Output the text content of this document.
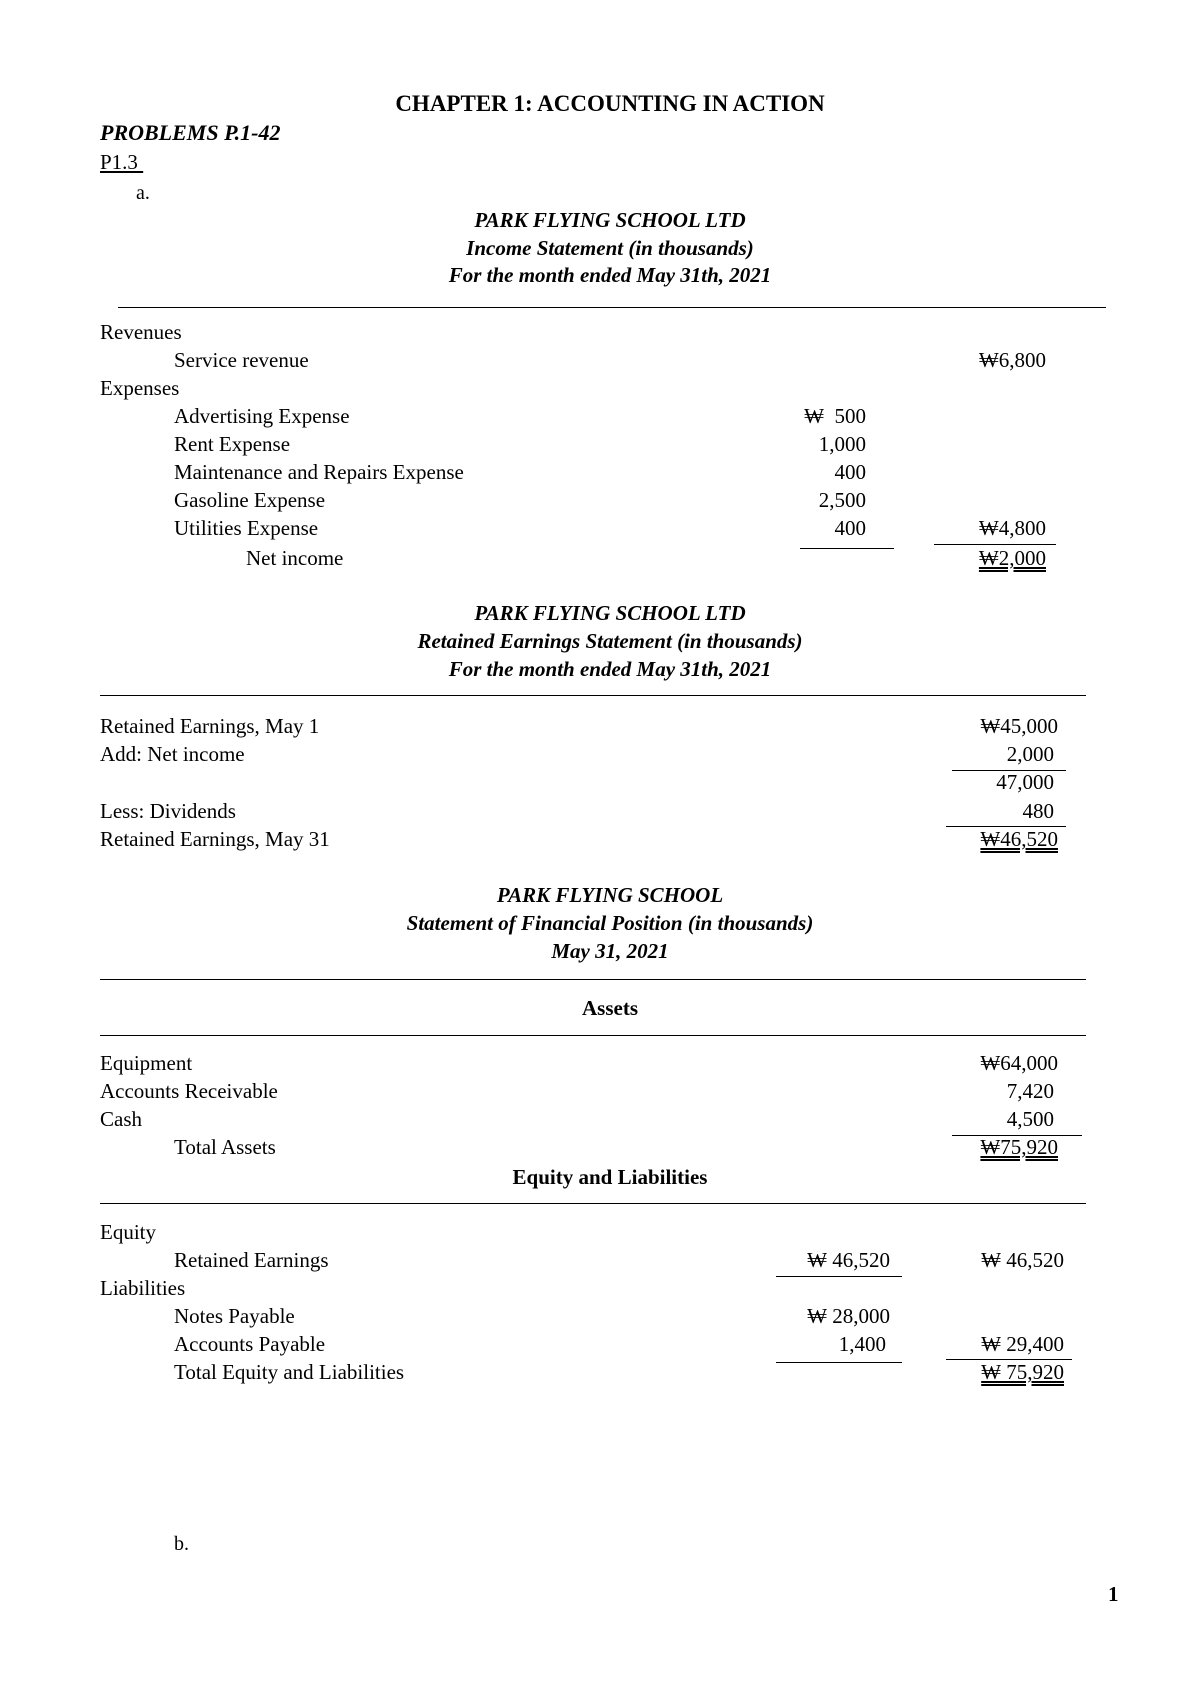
CHAPTER 1: ACCOUNTING IN ACTION
PROBLEMS P.1-42
P1.3
a.
PARK FLYING SCHOOL LTD
Income Statement (in thousands)
For the month ended May 31th, 2021
Revenues
Service revenue	₩6,800
Expenses
Advertising Expense	₩  500
Rent Expense	1,000
Maintenance and Repairs Expense	400
Gasoline Expense	2,500
Utilities Expense	400	₩4,800
Net income	₩2,000
PARK FLYING SCHOOL LTD
Retained Earnings Statement (in thousands)
For the month ended May 31th, 2021
Retained Earnings, May 1	₩45,000
Add: Net income	2,000
47,000
Less: Dividends	480
Retained Earnings, May 31	₩46,520
PARK FLYING SCHOOL
Statement of Financial Position (in thousands)
May 31, 2021
Assets
Equipment	₩64,000
Accounts Receivable	7,420
Cash	4,500
Total Assets	₩75,920
Equity and Liabilities
Equity
Retained Earnings	₩ 46,520	₩ 46,520
Liabilities
Notes Payable	₩ 28,000
Accounts Payable	1,400	₩ 29,400
Total Equity and Liabilities	₩ 75,920
b.
1
